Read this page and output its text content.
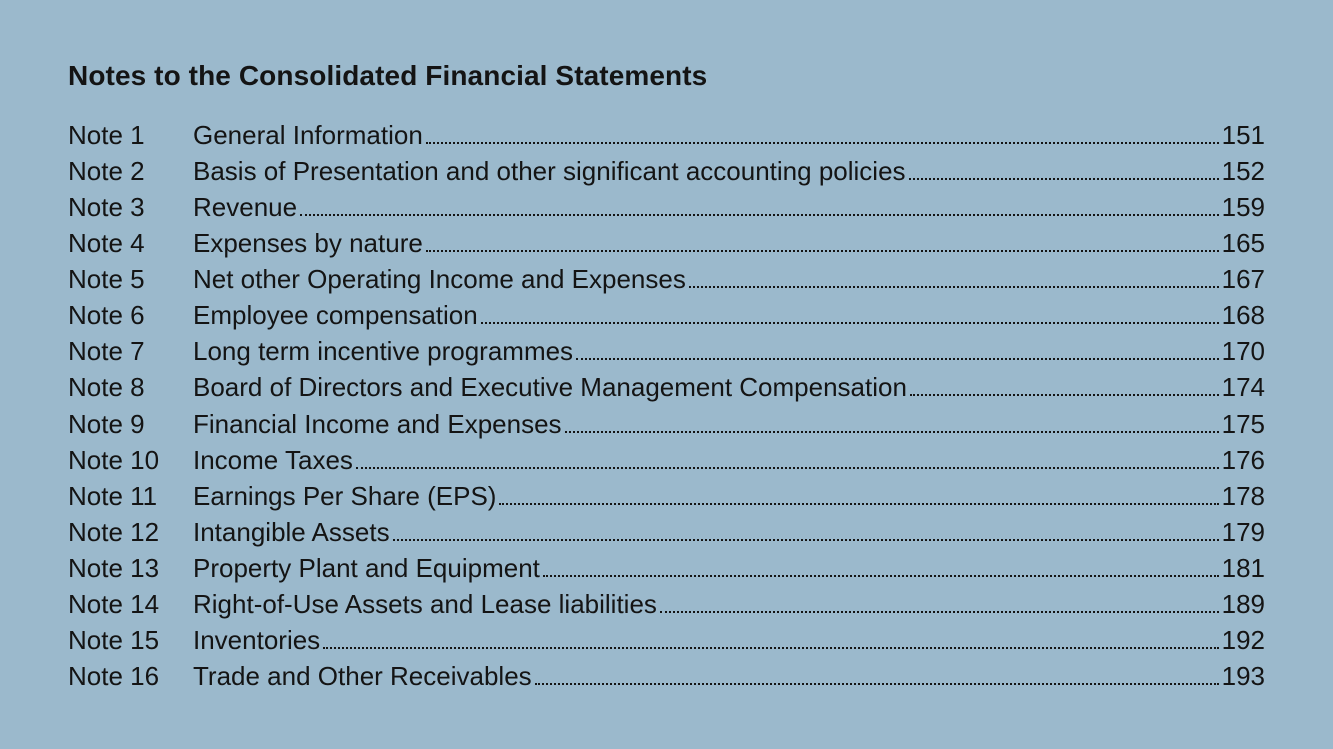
Notes to the Consolidated Financial Statements
Note 1	General Information	151
Note 2	Basis of Presentation and other significant accounting policies	152
Note 3	Revenue	159
Note 4	Expenses by nature	165
Note 5	Net other Operating Income and Expenses	167
Note 6	Employee compensation	168
Note 7	Long term incentive programmes	170
Note 8	Board of Directors and Executive Management Compensation	174
Note 9	Financial Income and Expenses	175
Note 10	Income Taxes	176
Note 11	Earnings Per Share (EPS)	178
Note 12	Intangible Assets	179
Note 13	Property Plant and Equipment	181
Note 14	Right-of-Use Assets and Lease liabilities	189
Note 15	Inventories	192
Note 16	Trade and Other Receivables	193
